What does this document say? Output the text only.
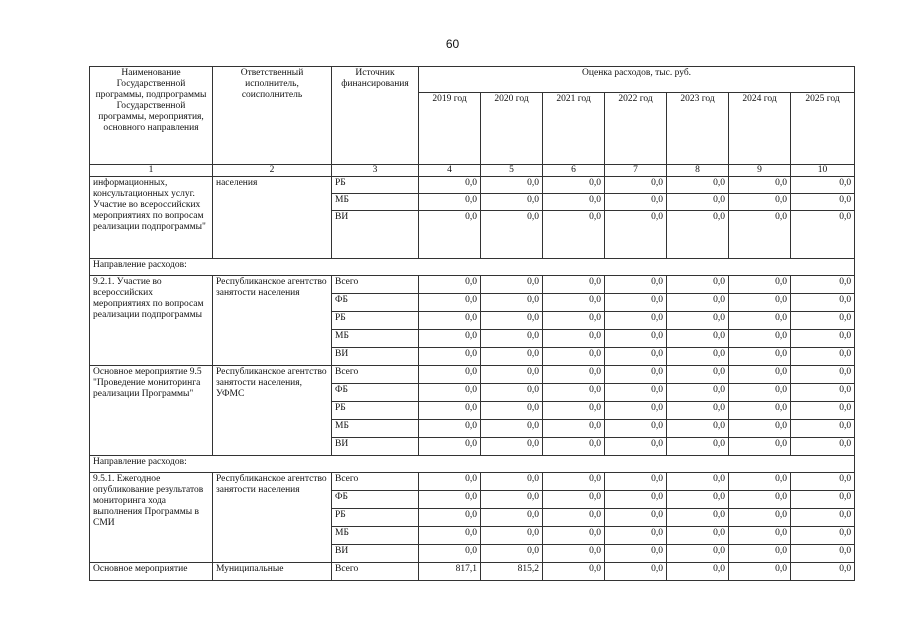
60
Наименование Государственной программы, подпрограммы Государственной программы, мероприятия, основного направления	Ответственный исполнитель, соисполнитель	Источник финансирования	Оценка расходов, тыс. руб.						
			2019 год	2020 год	2021 год	2022 год	2023 год	2024 год	2025 год
1	2	3	4	5	6	7	8	9	10
информационных, консультационных услуг. Участие во всероссийских мероприятиях по вопросам реализации подпрограммы"	населения	РБ	0,0	0,0	0,0	0,0	0,0	0,0	0,0
		МБ	0,0	0,0	0,0	0,0	0,0	0,0	0,0
		ВИ	0,0	0,0	0,0	0,0	0,0	0,0	0,0
Направление расходов:									
9.2.1. Участие во всероссийских мероприятиях по вопросам реализации подпрограммы	Республиканское агентство занятости населения	Всего	0,0	0,0	0,0	0,0	0,0	0,0	0,0
		ФБ	0,0	0,0	0,0	0,0	0,0	0,0	0,0
		РБ	0,0	0,0	0,0	0,0	0,0	0,0	0,0
		МБ	0,0	0,0	0,0	0,0	0,0	0,0	0,0
		ВИ	0,0	0,0	0,0	0,0	0,0	0,0	0,0
Основное мероприятие 9.5 "Проведение мониторинга реализации Программы"	Республиканское агентство занятости населения, УФМС	Всего	0,0	0,0	0,0	0,0	0,0	0,0	0,0
		ФБ	0,0	0,0	0,0	0,0	0,0	0,0	0,0
		РБ	0,0	0,0	0,0	0,0	0,0	0,0	0,0
		МБ	0,0	0,0	0,0	0,0	0,0	0,0	0,0
		ВИ	0,0	0,0	0,0	0,0	0,0	0,0	0,0
Направление расходов:									
9.5.1. Ежегодное опубликование результатов мониторинга хода выполнения Программы в СМИ	Республиканское агентство занятости населения	Всего	0,0	0,0	0,0	0,0	0,0	0,0	0,0
		ФБ	0,0	0,0	0,0	0,0	0,0	0,0	0,0
		РБ	0,0	0,0	0,0	0,0	0,0	0,0	0,0
		МБ	0,0	0,0	0,0	0,0	0,0	0,0	0,0
		ВИ	0,0	0,0	0,0	0,0	0,0	0,0	0,0
Основное мероприятие	Муниципальные	Всего	817,1	815,2	0,0	0,0	0,0	0,0	0,0
